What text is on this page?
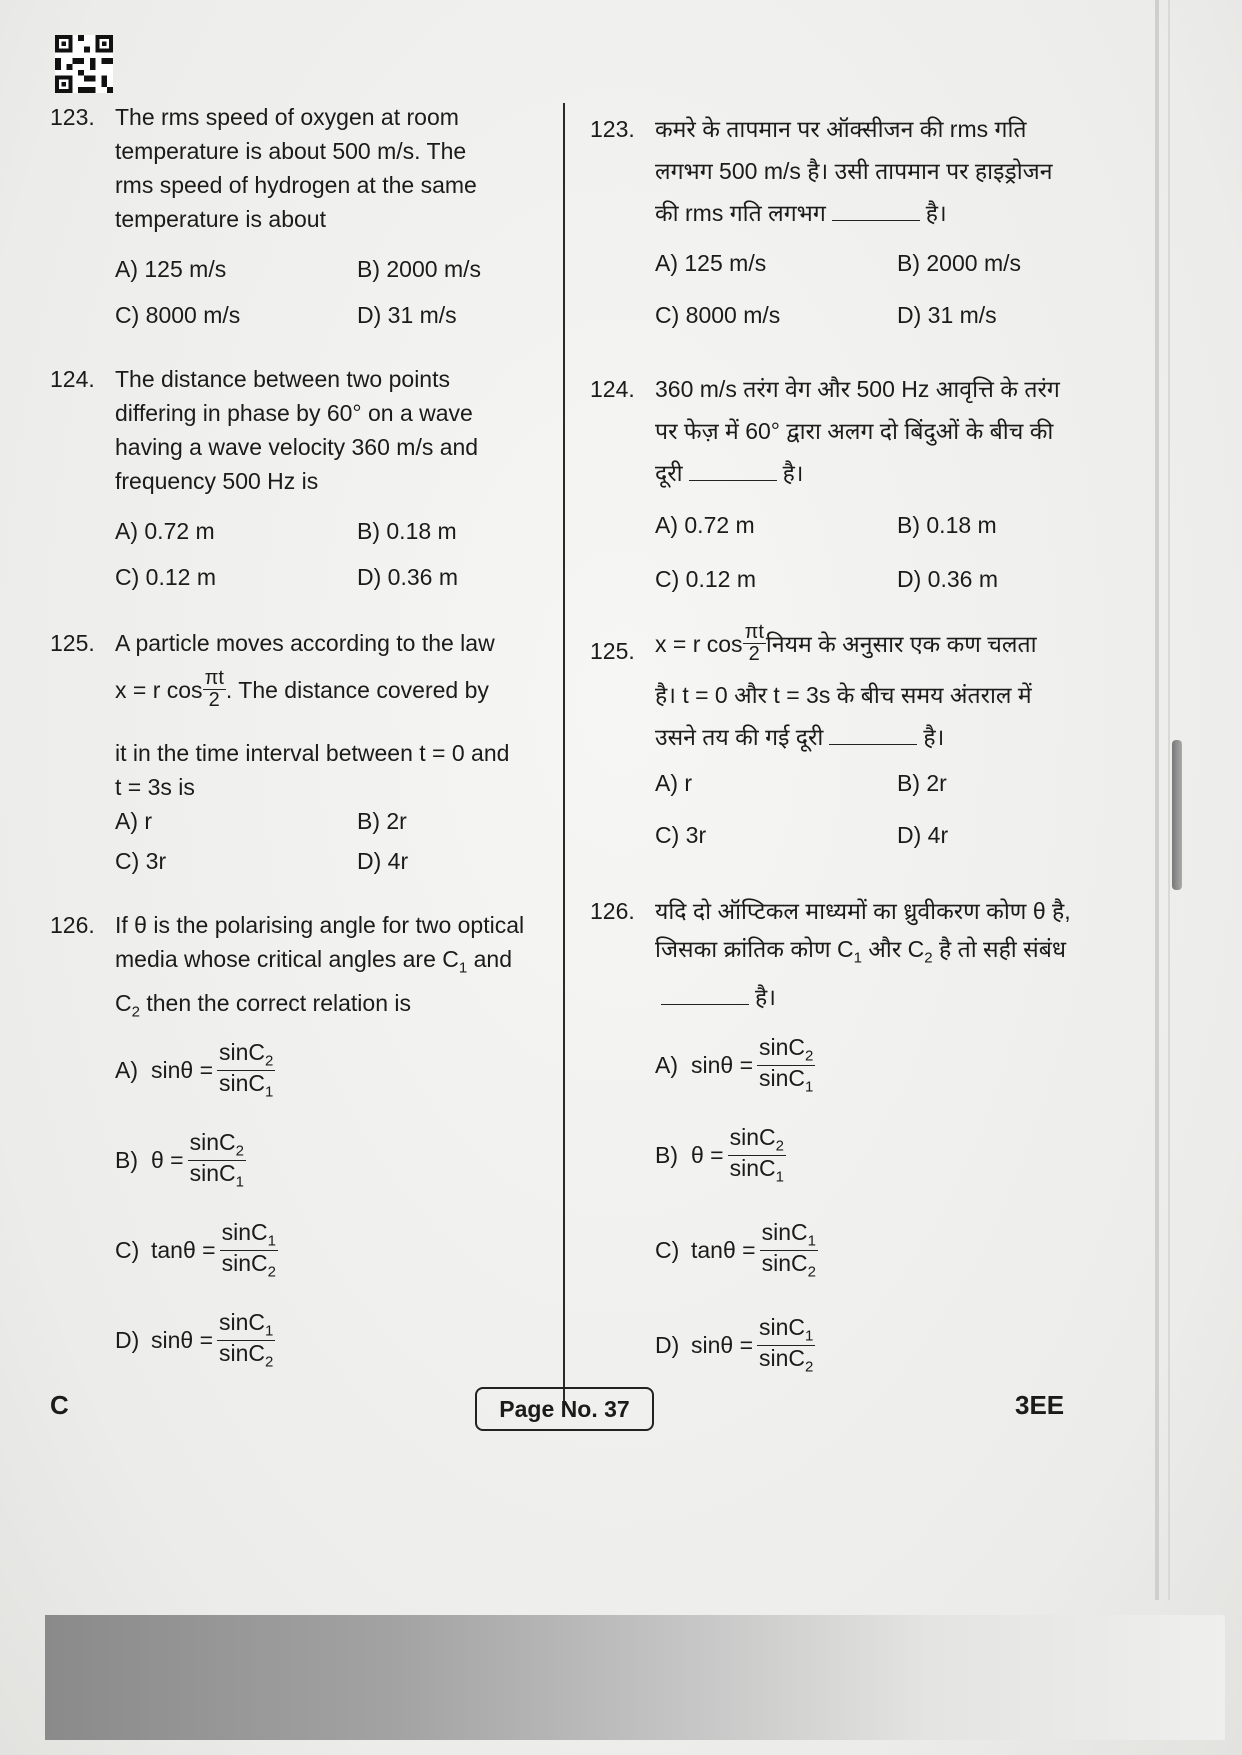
123. The rms speed of oxygen at room temperature is about 500 m/s. The rms speed of hydrogen at the same temperature is about
A) 125 m/s	B) 2000 m/s
C) 8000 m/s	D) 31 m/s
124. The distance between two points differing in phase by 60° on a wave having a wave velocity 360 m/s and frequency 500 Hz is
A) 0.72 m	B) 0.18 m
C) 0.12 m	D) 0.36 m
125. A particle moves according to the law
x = r $\cos \frac{\pi t}{2}$ . The distance covered by
it in the time interval between t = 0 and t = 3s is
A) r	B) 2r
C) 3r	D) 4r
126. If θ is the polarising angle for two optical media whose critical angles are $C_1$ and $C_2$ then the correct relation is
A) $\sin\theta = \frac{\sin C_2}{\sin C_1}$
B) $\theta = \frac{\sin C_2}{\sin C_1}$
C) $\tan\theta = \frac{\sin C_1}{\sin C_2}$
D) $\sin\theta = \frac{\sin C_1}{\sin C_2}$
123. कमरे के तापमान पर ऑक्सीजन की rms गति लगभग 500 m/s है। उसी तापमान पर हाइड्रोजन की rms गति लगभग	है।
A) 125 m/s	B) 2000 m/s
C) 8000 m/s	D) 31 m/s
124. 360 m/s तरंग वेग और 500 Hz आवृत्ति के तरंग पर फेज़ में 60° द्वारा अलग दो बिंदुओं के बीच की दूरी	है।
A) 0.72 m	B) 0.18 m
C) 0.12 m	D) 0.36 m
125. x = r $\cos \frac{\pi t}{2}$ नियम के अनुसार एक कण चलता
है। t = 0 और t = 3s के बीच समय अंतराल में उसने तय की गई दूरी	है।
A) r	B) 2r
C) 3r	D) 4r
126. यदि दो ऑप्टिकल माध्यमों का ध्रुवीकरण कोण θ है, जिसका क्रांतिक कोण $C_1$ और $C_2$ है तो सही संबंधहै।
A) $\sin\theta = \frac{\sin C_2}{\sin C_1}$
B) $\theta = \frac{\sin C_2}{\sin C_1}$
C) $\tan\theta = \frac{\sin C_1}{\sin C_2}$
D) $\sin\theta = \frac{\sin C_1}{\sin C_2}$
C	Page No. 37	3EE
